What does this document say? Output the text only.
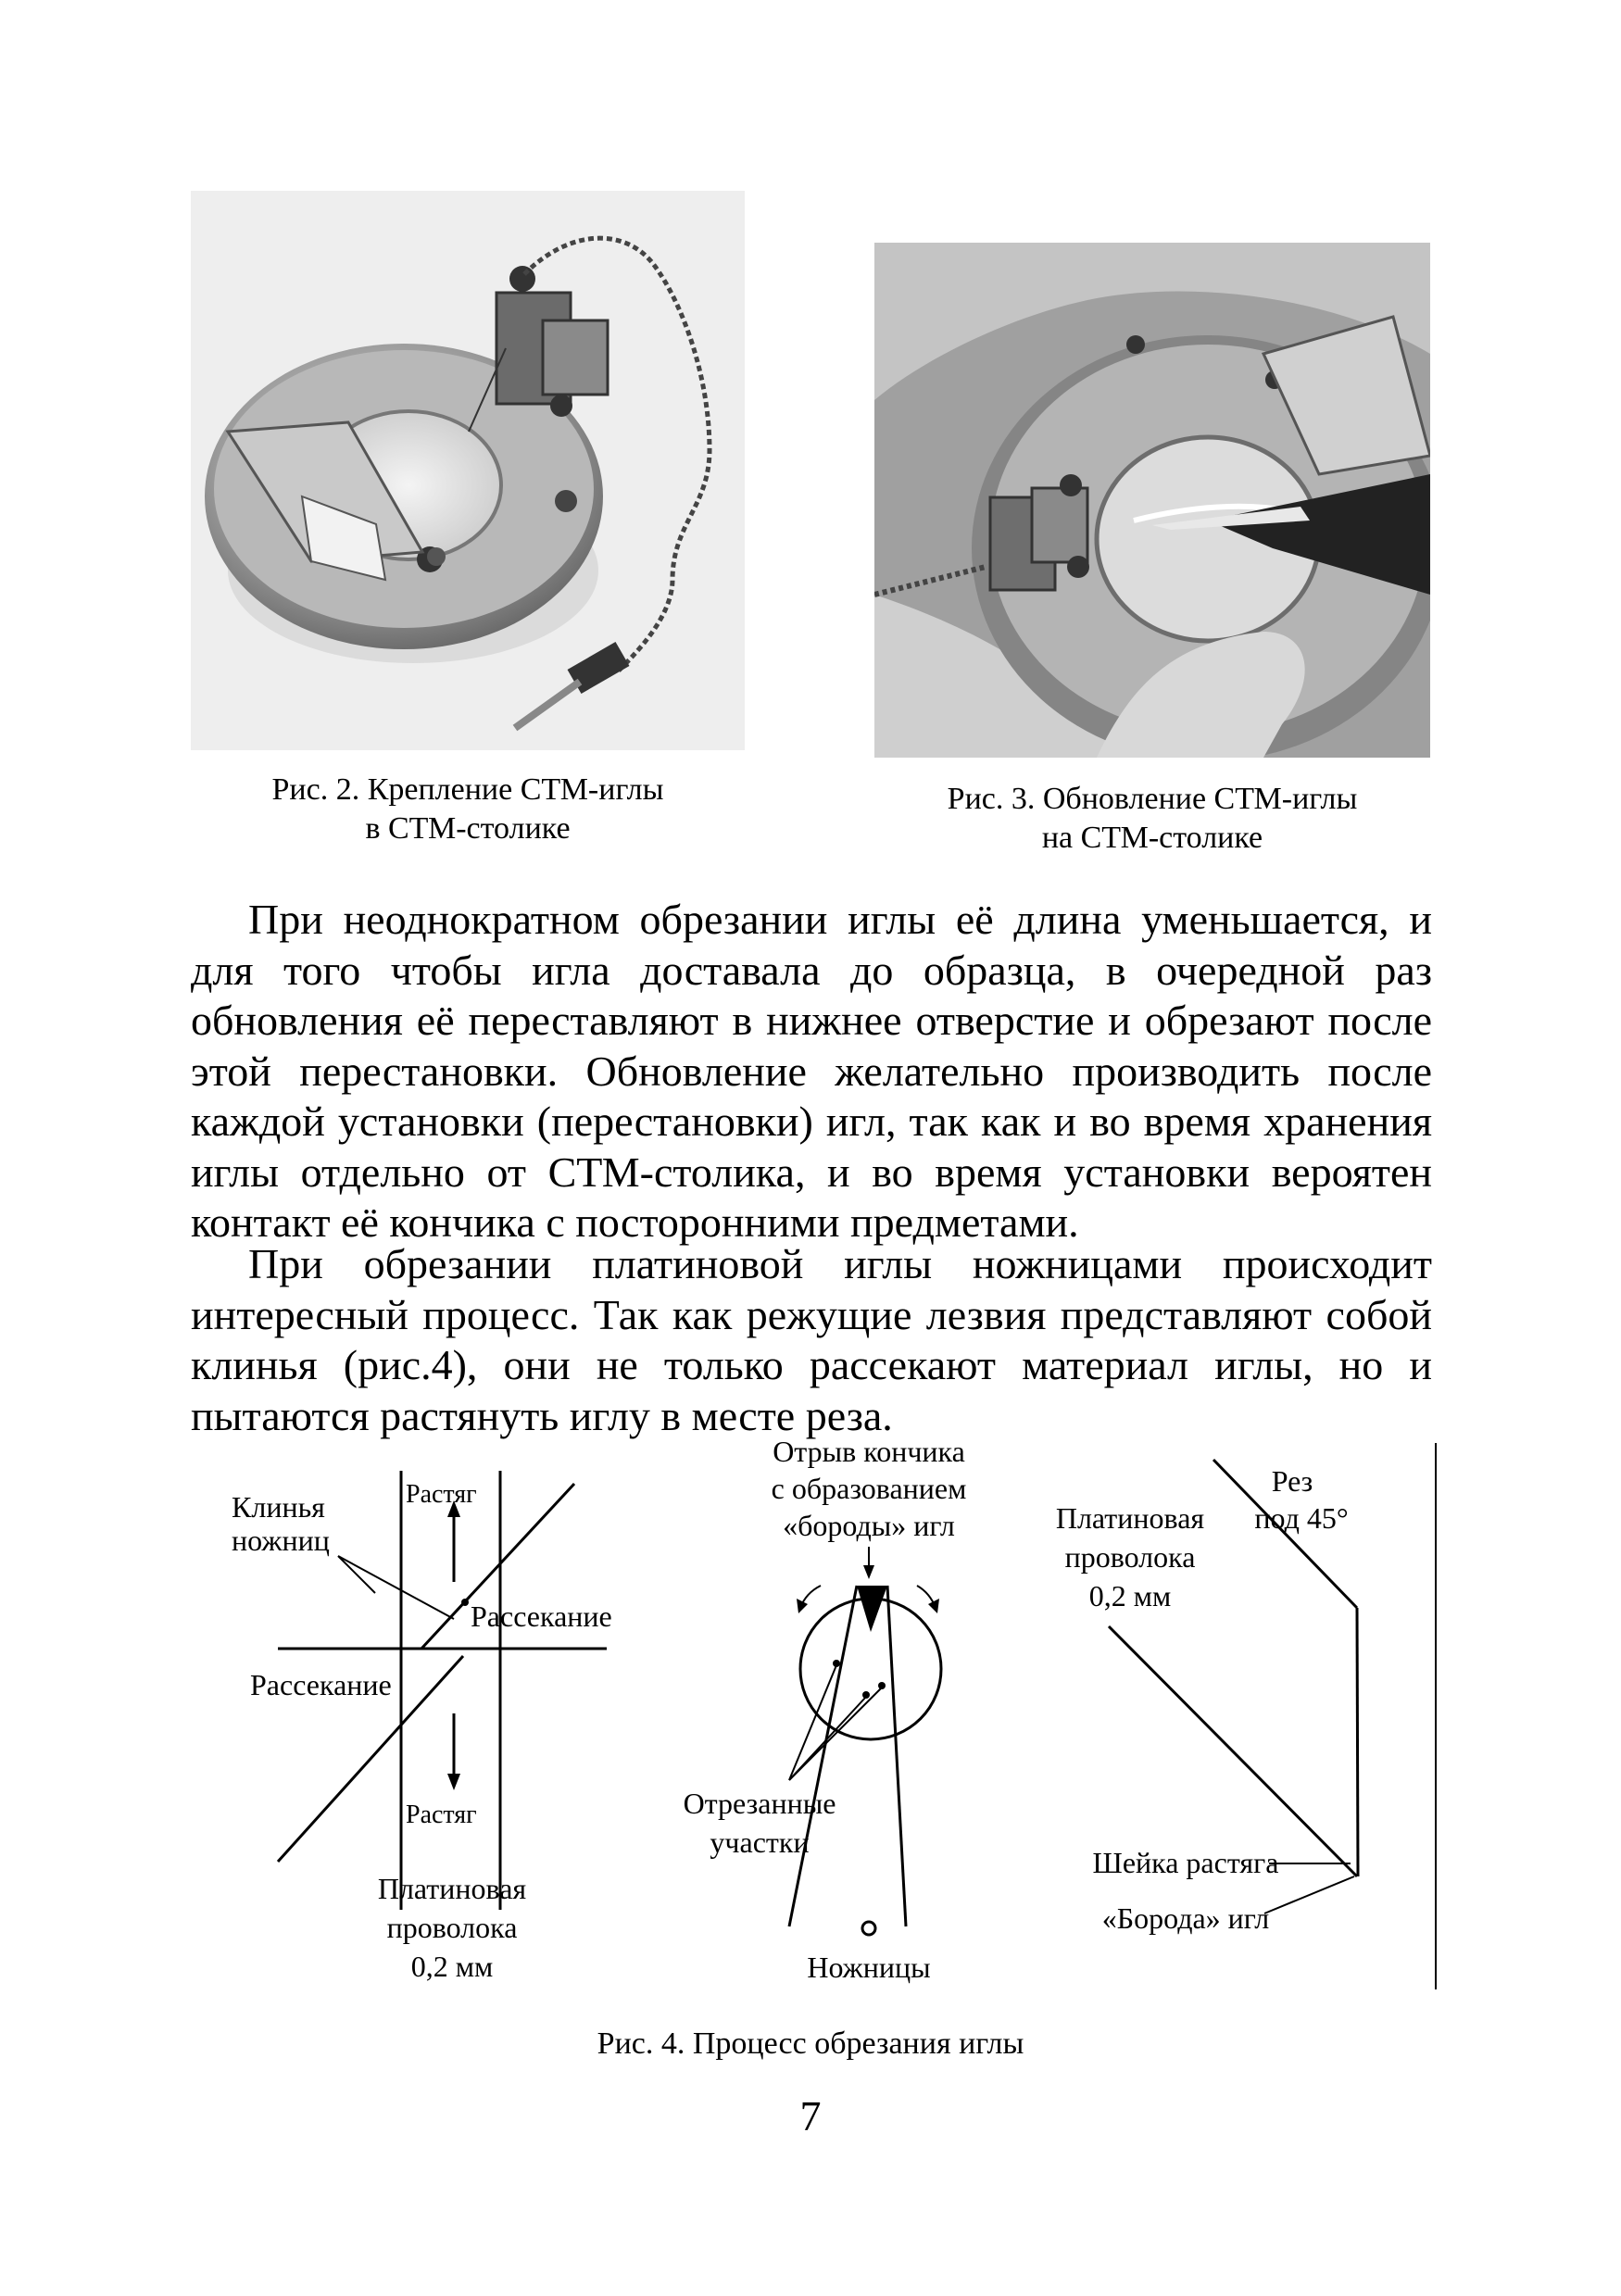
Рис. 2. Крепление СТМ-иглы
в СТМ-столике
Рис. 3. Обновление СТМ-иглы
на СТМ-столике

При неоднократном обрезании иглы её длина уменьшается, и для того чтобы игла доставала до образца, в очередной раз обновления её переставляют в нижнее отверстие и обрезают после этой перестановки. Обновление желательно производить после каждой установки (перестановки) игл, так как и во время хранения иглы отдельно от СТМ-столика, и во время установки вероятен контакт её кончика с посторонними предметами.

При обрезании платиновой иглы ножницами происходит интересный процесс. Так как режущие лезвия представляют собой клинья (рис.4), они не только рассекают материал иглы, но и пытаются растянуть иглу в месте реза.

Клинья
ножниц
Растяг
Рассекание
Рассекание
Растяг
Платиновая
проволока
0,2 мм
Отрыв кончика
с образованием
«бороды» игл
Отрезанные
участки
Ножницы
Рез
под 45°
Платиновая
проволока
0,2 мм
Шейка растяга
«Борода» игл
Рис. 4. Процесс обрезания иглы
7
